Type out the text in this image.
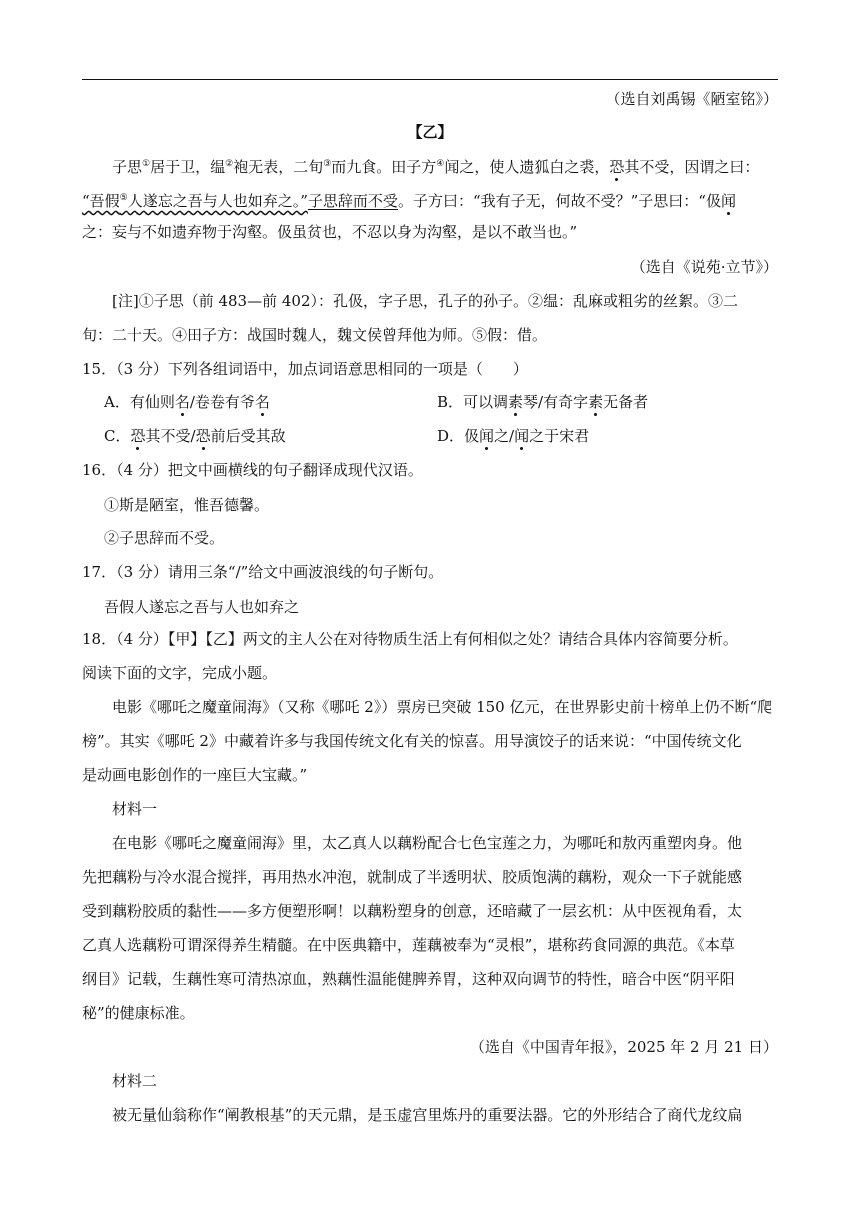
（选自刘禹锡《陋室铭》）
【乙】
子思①居于卫，缊②袍无表，二旬③而九食。田子方④闻之，使人遗狐白之裘，恐其不受，因谓之曰：
“吾假⑤人遂忘之吾与人也如弃之。”子思辞而不受。子方曰：“我有子无，何故不受？”子思曰：“伋闻
之：妄与不如遗弃物于沟壑。伋虽贫也，不忍以身为沟壑，是以不敢当也。”
（选自《说苑·立节》）
[注]①子思（前 483—前 402）：孔伋，字子思，孔子的孙子。②缊：乱麻或粗劣的丝絮。③二
旬：二十天。④田子方：战国时魏人，魏文侯曾拜他为师。⑤假：借。
15．（3 分）下列各组词语中，加点词语意思相同的一项是（　　）
A．有仙则名/卷卷有爷名	B．可以调素琴/有奇字素无备者
C．恐其不受/恐前后受其敌	D．伋闻之/闻之于宋君
16．（4 分）把文中画横线的句子翻译成现代汉语。
①斯是陋室，惟吾德馨。
②子思辞而不受。
17．（3 分）请用三条“/”给文中画波浪线的句子断句。
吾假人遂忘之吾与人也如弃之
18．（4 分）【甲】【乙】两文的主人公在对待物质生活上有何相似之处？请结合具体内容简要分析。
阅读下面的文字，完成小题。
电影《哪吒之魔童闹海》（又称《哪吒 2》）票房已突破 150 亿元，在世界影史前十榜单上仍不断“爬
榜”。其实《哪吒 2》中藏着许多与我国传统文化有关的惊喜。用导演饺子的话来说：“中国传统文化
是动画电影创作的一座巨大宝藏。”
材料一
在电影《哪吒之魔童闹海》里，太乙真人以藕粉配合七色宝莲之力，为哪吒和敖丙重塑肉身。他
先把藕粉与冷水混合搅拌，再用热水冲泡，就制成了半透明状、胶质饱满的藕粉，观众一下子就能感
受到藕粉胶质的黏性——多方便塑形啊！以藕粉塑身的创意，还暗藏了一层玄机：从中医视角看，太
乙真人选藕粉可谓深得养生精髓。在中医典籍中，莲藕被奉为“灵根”，堪称药食同源的典范。《本草
纲目》记载，生藕性寒可清热凉血，熟藕性温能健脾养胃，这种双向调节的特性，暗合中医“阴平阳
秘”的健康标准。
（选自《中国青年报》，2025 年 2 月 21 日）
材料二
被无量仙翁称作“阐教根基”的天元鼎，是玉虚宫里炼丹的重要法器。它的外形结合了商代龙纹扁
